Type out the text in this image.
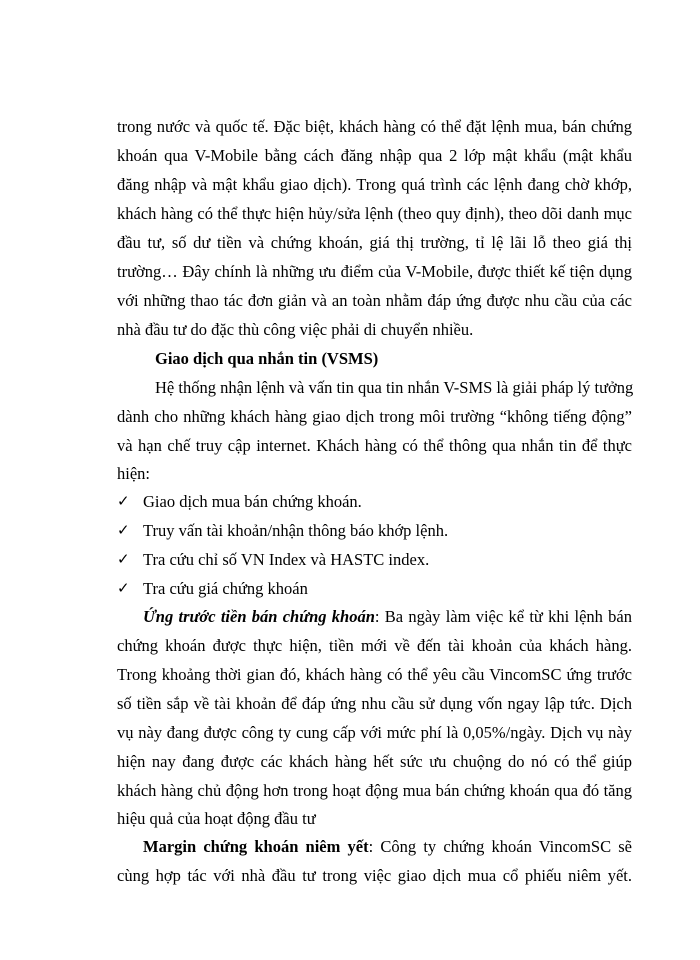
trong nước và quốc tế. Đặc biệt, khách hàng có thể đặt lệnh mua, bán chứng
khoán qua V-Mobile bằng cách đăng nhập qua 2 lớp mật khẩu (mật khẩu
đăng nhập và mật khẩu giao dịch). Trong quá trình các lệnh đang chờ khớp,
khách hàng có thể thực hiện hủy/sửa lệnh (theo quy định), theo dõi danh mục
đầu tư, số dư tiền và chứng khoán, giá thị trường, tỉ lệ lãi lỗ theo giá thị
trường… Đây chính là những ưu điểm của V-Mobile, được thiết kế tiện dụng
với những thao tác đơn giản và an toàn nhằm đáp ứng được nhu cầu của các
nhà đầu tư do đặc thù công việc phải di chuyển nhiều.
Giao dịch qua nhắn tin (VSMS)
Hệ thống nhận lệnh và vấn tin qua tin nhắn V-SMS là giải pháp lý tưởng
dành cho những khách hàng giao dịch trong môi trường “không tiếng động”
và hạn chế truy cập internet. Khách hàng có thể thông qua nhắn tin để thực
hiện:
✓ Giao dịch mua bán chứng khoán.
✓ Truy vấn tài khoản/nhận thông báo khớp lệnh.
✓ Tra cứu chỉ số VN Index và HASTC index.
✓ Tra cứu giá chứng khoán
Ứng trước tiền bán chứng khoán: Ba ngày làm việc kể từ khi lệnh bán
chứng khoán được thực hiện, tiền mới về đến tài khoản của khách hàng.
Trong khoảng thời gian đó, khách hàng có thể yêu cầu VincomSC ứng trước
số tiền sắp về tài khoản để đáp ứng nhu cầu sử dụng vốn ngay lập tức. Dịch
vụ này đang được công ty cung cấp với mức phí là 0,05%/ngày. Dịch vụ này
hiện nay đang được các khách hàng hết sức ưu chuộng do nó có thể giúp
khách hàng chủ động hơn trong hoạt động mua bán chứng khoán qua đó tăng
hiệu quả của hoạt động đầu tư
Margin chứng khoán niêm yết: Công ty chứng khoán VincomSC sẽ
cùng hợp tác với nhà đầu tư trong việc giao dịch mua cổ phiếu niêm yết.
